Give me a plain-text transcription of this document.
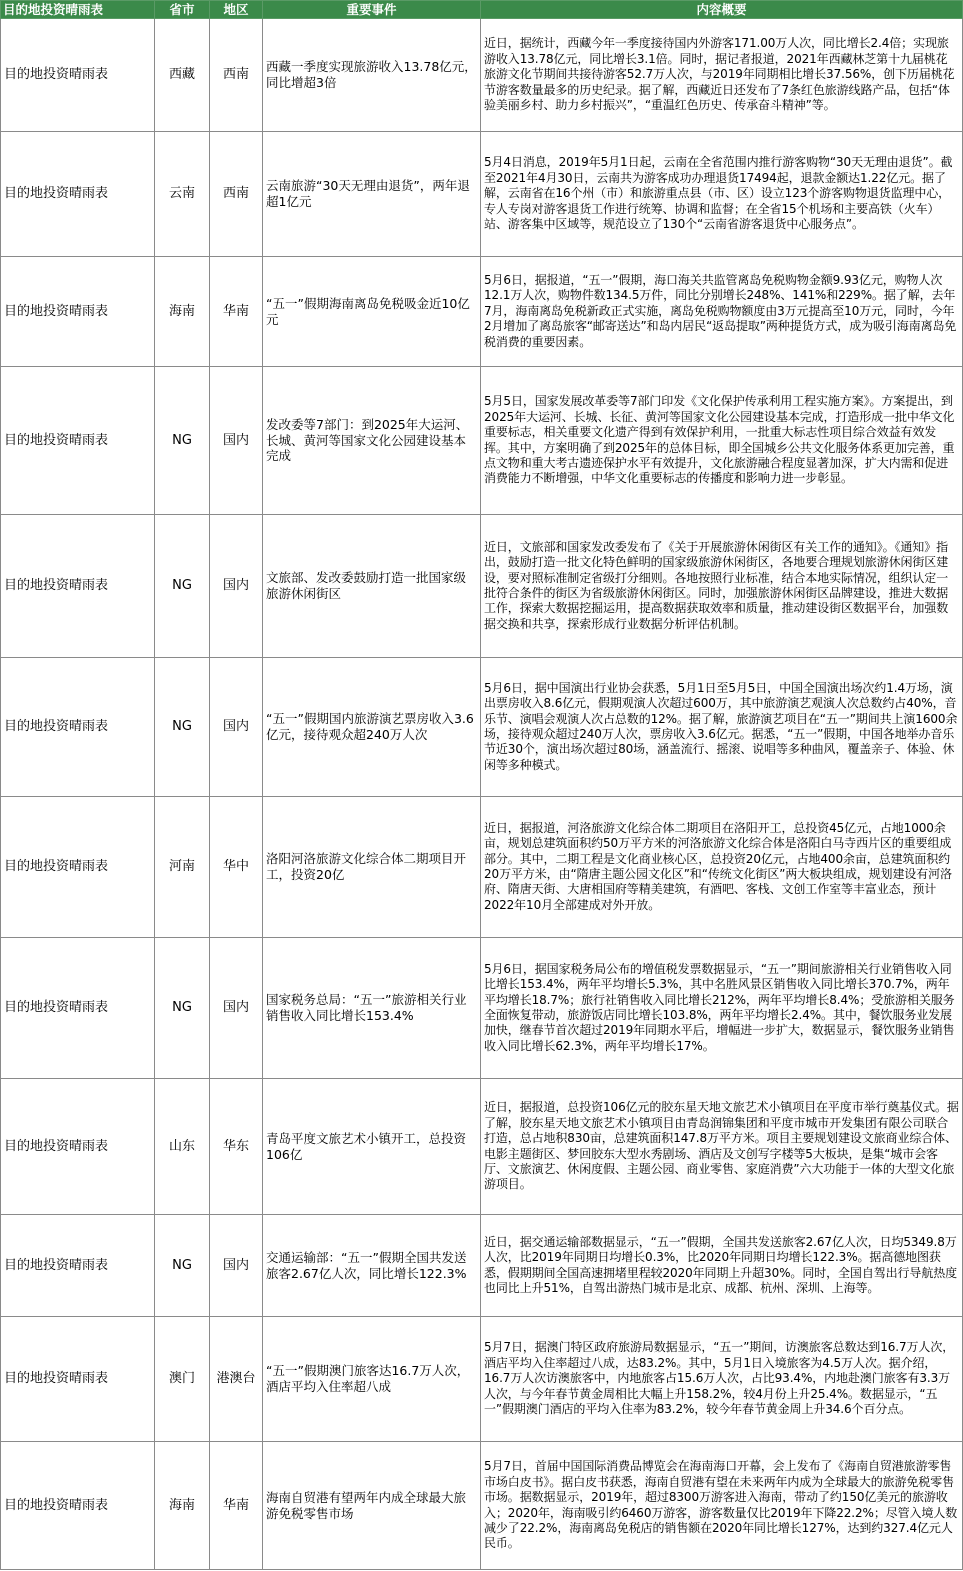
目的地投资晴雨表	省市	地区	重要事件	内容概要
目的地投资晴雨表	西藏	西南	西藏一季度实现旅游收入13.78亿元，同比增超3倍	近日，据统计，西藏今年一季度接待国内外游客171.00万人次，同比增长2.4倍；实现旅游收入13.78亿元，同比增长3.1倍。同时，据记者报道，2021年西藏林芝第十九届桃花旅游文化节期间共接待游客52.7万人次，与2019年同期相比增长37.56%，创下历届桃花节游客数量最多的历史纪录。据了解，西藏近日还发布了7条红色旅游线路产品，包括“体验美丽乡村、助力乡村振兴”，“重温红色历史、传承奋斗精神”等。
目的地投资晴雨表	云南	西南	云南旅游“30天无理由退货”，两年退超1亿元	5月4日消息，2019年5月1日起，云南在全省范围内推行游客购物“30天无理由退货”。截至2021年4月30日，云南共为游客成功办理退货17494起，退款金额达1.22亿元。据了解，云南省在16个州（市）和旅游重点县（市、区）设立123个游客购物退货监理中心，专人专岗对游客退货工作进行统筹、协调和监督；在全省15个机场和主要高铁（火车）站、游客集中区域等，规范设立了130个“云南省游客退货中心服务点”。
目的地投资晴雨表	海南	华南	“五一”假期海南离岛免税吸金近10亿元	5月6日，据报道，“五一”假期，海口海关共监管离岛免税购物金额9.93亿元，购物人次12.1万人次，购物件数134.5万件，同比分别增长248%、141%和229%。据了解，去年7月，海南离岛免税新政正式实施，离岛免税购物额度由3万元提高至10万元，同时，今年2月增加了离岛旅客“邮寄送达”和岛内居民“返岛提取”两种提货方式，成为吸引海南离岛免税消费的重要因素。
目的地投资晴雨表	NG	国内	发改委等7部门：到2025年大运河、长城、黄河等国家文化公园建设基本完成	5月5日，国家发展改革委等7部门印发《文化保护传承利用工程实施方案》。方案提出，到2025年大运河、长城、长征、黄河等国家文化公园建设基本完成，打造形成一批中华文化重要标志，相关重要文化遗产得到有效保护利用，一批重大标志性项目综合效益有效发挥。其中，方案明确了到2025年的总体目标，即全国城乡公共文化服务体系更加完善，重点文物和重大考古遗迹保护水平有效提升，文化旅游融合程度显著加深，扩大内需和促进消费能力不断增强，中华文化重要标志的传播度和影响力进一步彰显。
目的地投资晴雨表	NG	国内	文旅部、发改委鼓励打造一批国家级旅游休闲街区	近日，文旅部和国家发改委发布了《关于开展旅游休闲街区有关工作的通知》。《通知》指出，鼓励打造一批文化特色鲜明的国家级旅游休闲街区，各地要合理规划旅游休闲街区建设，要对照标准制定省级打分细则。各地按照行业标准，结合本地实际情况，组织认定一批符合条件的街区为省级旅游休闲街区。同时，加强旅游休闲街区品牌建设，推进大数据工作，探索大数据挖掘运用，提高数据获取效率和质量，推动建设街区数据平台，加强数据交换和共享，探索形成行业数据分析评估机制。
目的地投资晴雨表	NG	国内	“五一”假期国内旅游演艺票房收入3.6亿元，接待观众超240万人次	5月6日，据中国演出行业协会获悉，5月1日至5月5日，中国全国演出场次约1.4万场，演出票房收入8.6亿元，假期观演人次超过600万，其中旅游演艺观演人次总数约占40%，音乐节、演唱会观演人次占总数的12%。据了解，旅游演艺项目在“五一”期间共上演1600余场，接待观众超过240万人次，票房收入3.6亿元。据悉，“五一”假期，中国各地举办音乐节近30个，演出场次超过80场，涵盖流行、摇滚、说唱等多种曲风，覆盖亲子、体验、休闲等多种模式。
目的地投资晴雨表	河南	华中	洛阳河洛旅游文化综合体二期项目开工，投资20亿	近日，据报道，河洛旅游文化综合体二期项目在洛阳开工，总投资45亿元，占地1000余亩，规划总建筑面积约50万平方米的河洛旅游文化综合体是洛阳白马寺西片区的重要组成部分。其中，二期工程是文化商业核心区，总投资20亿元，占地400余亩，总建筑面积约20万平方米，由“隋唐主题公园文化区”和“传统文化街区”两大板块组成，规划建设有河洛府、隋唐天街、大唐相国府等精美建筑，有酒吧、客栈、文创工作室等丰富业态，预计2022年10月全部建成对外开放。
目的地投资晴雨表	NG	国内	国家税务总局：“五一”旅游相关行业销售收入同比增长153.4%	5月6日，据国家税务局公布的增值税发票数据显示，“五一”期间旅游相关行业销售收入同比增长153.4%，两年平均增长5.3%，其中名胜风景区销售收入同比增长370.7%，两年平均增长18.7%；旅行社销售收入同比增长212%，两年平均增长8.4%；受旅游相关服务全面恢复带动，旅游饭店同比增长103.8%，两年平均增长2.4%。其中，餐饮服务业发展加快，继春节首次超过2019年同期水平后，增幅进一步扩大，数据显示，餐饮服务业销售收入同比增长62.3%，两年平均增长17%。
目的地投资晴雨表	山东	华东	青岛平度文旅艺术小镇开工，总投资106亿	近日，据报道，总投资106亿元的胶东星天地文旅艺术小镇项目在平度市举行奠基仪式。据了解，胶东星天地文旅艺术小镇项目由青岛润锦集团和平度市城市开发集团有限公司联合打造，总占地积830亩，总建筑面积147.8万平方米。项目主要规划建设文旅商业综合体、电影主题街区、梦回胶东大型水秀剧场、酒店及文创写字楼等5大板块，是集“城市会客厅、文旅演艺、休闲度假、主题公园、商业零售、家庭消费”六大功能于一体的大型文化旅游项目。
目的地投资晴雨表	NG	国内	交通运输部：“五一”假期全国共发送旅客2.67亿人次，同比增长122.3%	近日，据交通运输部数据显示，“五一”假期，全国共发送旅客2.67亿人次，日均5349.8万人次，比2019年同期日均增长0.3%，比2020年同期日均增长122.3%。据高德地图获悉，假期期间全国高速拥堵里程较2020年同期上升超30%。同时，全国自驾出行导航热度也同比上升51%，自驾出游热门城市是北京、成都、杭州、深圳、上海等。
目的地投资晴雨表	澳门	港澳台	“五一”假期澳门旅客达16.7万人次，酒店平均入住率超八成	5月7日，据澳门特区政府旅游局数据显示，“五一”期间，访澳旅客总数达到16.7万人次，酒店平均入住率超过八成，达83.2%。其中，5月1日入境旅客为4.5万人次。据介绍，16.7万人次访澳旅客中，内地旅客占15.6万人次，占比93.4%，内地赴澳门旅客有3.3万人次，与今年春节黄金周相比大幅上升158.2%，较4月份上升25.4%。数据显示，“五一”假期澳门酒店的平均入住率为83.2%，较今年春节黄金周上升34.6个百分点。
目的地投资晴雨表	海南	华南	海南自贸港有望两年内成全球最大旅游免税零售市场	5月7日，首届中国国际消费品博览会在海南海口开幕，会上发布了《海南自贸港旅游零售市场白皮书》。据白皮书获悉，海南自贸港有望在未来两年内成为全球最大的旅游免税零售市场。据数据显示，2019年，超过8300万游客进入海南，带动了约150亿美元的旅游收入；2020年，海南吸引约6460万游客，游客数量仅比2019年下降22.2%；尽管入境人数减少了22.2%，海南离岛免税店的销售额在2020年同比增长127%，达到约327.4亿元人民币。
